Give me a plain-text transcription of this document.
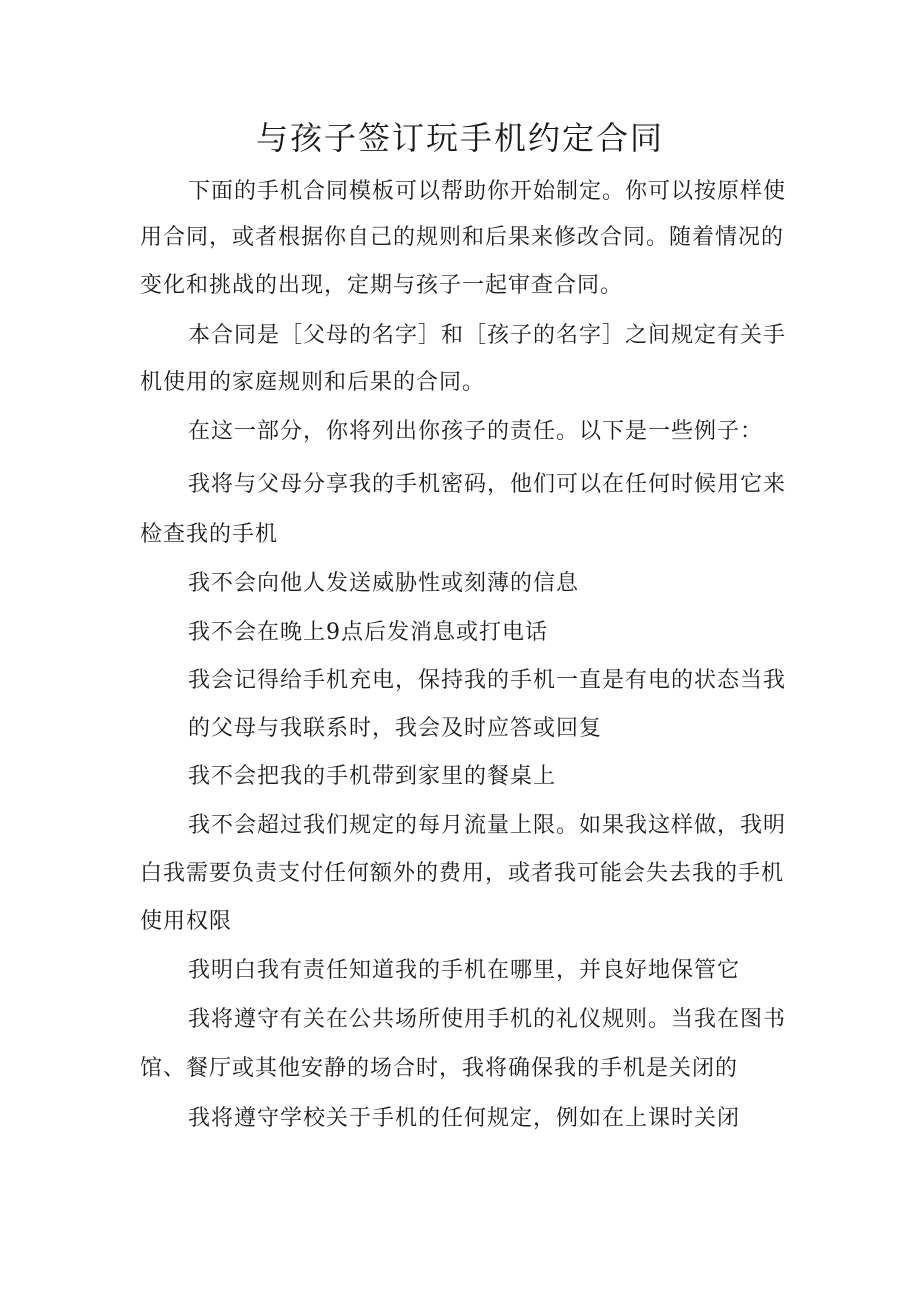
与孩子签订玩手机约定合同
下面的手机合同模板可以帮助你开始制定。你可以按原样使
用合同，或者根据你自己的规则和后果来修改合同。随着情况的
变化和挑战的出现，定期与孩子一起审查合同。
本合同是［父母的名字］和［孩子的名字］之间规定有关手
机使用的家庭规则和后果的合同。
在这一部分，你将列出你孩子的责任。以下是一些例子：
我将与父母分享我的手机密码，他们可以在任何时候用它来
检查我的手机
我不会向他人发送威胁性或刻薄的信息
我不会在晚上9点后发消息或打电话
我会记得给手机充电，保持我的手机一直是有电的状态当我
的父母与我联系时，我会及时应答或回复
我不会把我的手机带到家里的餐桌上
我不会超过我们规定的每月流量上限。如果我这样做，我明
白我需要负责支付任何额外的费用，或者我可能会失去我的手机
使用权限
我明白我有责任知道我的手机在哪里，并良好地保管它
我将遵守有关在公共场所使用手机的礼仪规则。当我在图书
馆、餐厅或其他安静的场合时，我将确保我的手机是关闭的
我将遵守学校关于手机的任何规定，例如在上课时关闭
